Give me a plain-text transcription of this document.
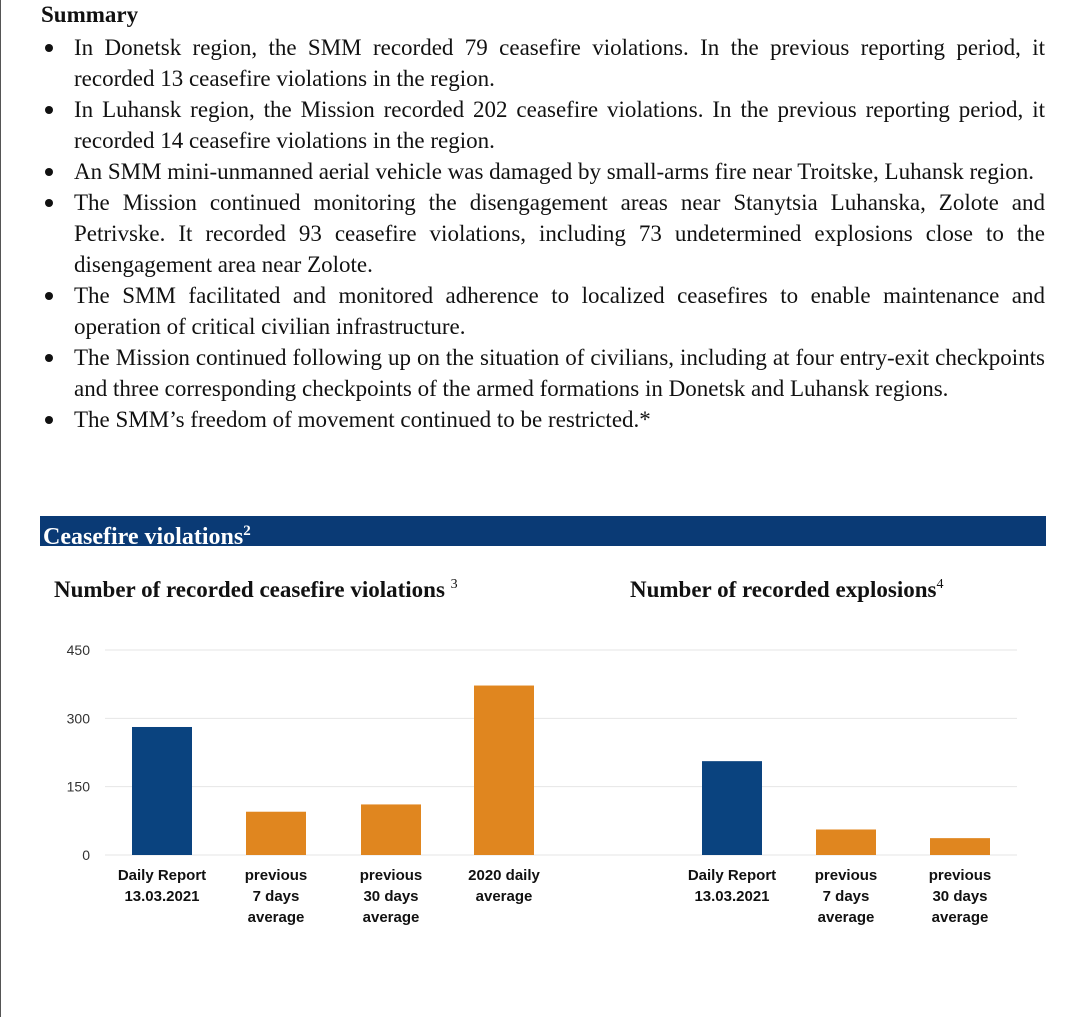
Summary
In Donetsk region, the SMM recorded 79 ceasefire violations. In the previous reporting period, it recorded 13 ceasefire violations in the region.
In Luhansk region, the Mission recorded 202 ceasefire violations. In the previous reporting period, it recorded 14 ceasefire violations in the region.
An SMM mini-unmanned aerial vehicle was damaged by small-arms fire near Troitske, Luhansk region.
The Mission continued monitoring the disengagement areas near Stanytsia Luhanska, Zolote and Petrivske. It recorded 93 ceasefire violations, including 73 undetermined explosions close to the disengagement area near Zolote.
The SMM facilitated and monitored adherence to localized ceasefires to enable maintenance and operation of critical civilian infrastructure.
The Mission continued following up on the situation of civilians, including at four entry-exit checkpoints and three corresponding checkpoints of the armed formations in Donetsk and Luhansk regions.
The SMM’s freedom of movement continued to be restricted.*
Ceasefire violations$^2$
Number of recorded ceasefire violations $^3$	Number of recorded explosions$^4$
0
150
300
450
Daily Report
13.03.2021
previous
7 days
average
previous
30 days
average
2020 daily
average
Daily Report
13.03.2021
previous
7 days
average
previous
30 days
average
